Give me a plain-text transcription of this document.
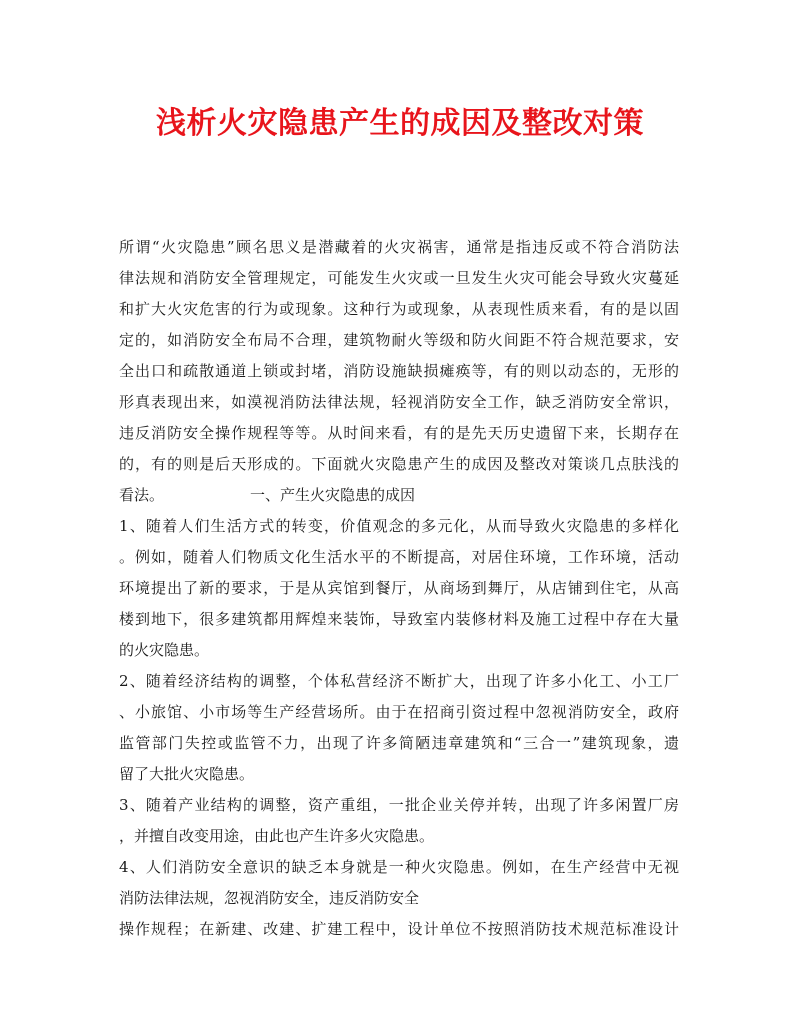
浅析火灾隐患产生的成因及整改对策
所谓“火灾隐患”顾名思义是潜藏着的火灾祸害，通常是指违反或不符合消防法
律法规和消防安全管理规定，可能发生火灾或一旦发生火灾可能会导致火灾蔓延
和扩大火灾危害的行为或现象。这种行为或现象，从表现性质来看，有的是以固
定的，如消防安全布局不合理，建筑物耐火等级和防火间距不符合规范要求，安
全出口和疏散通道上锁或封堵，消防设施缺损瘫痪等，有的则以动态的，无形的
形真表现出来，如漠视消防法律法规，轻视消防安全工作，缺乏消防安全常识，
违反消防安全操作规程等等。从时间来看，有的是先天历史遗留下来，长期存在
的，有的则是后天形成的。下面就火灾隐患产生的成因及整改对策谈几点肤浅的
看法。	一、产生火灾隐患的成因
1、随着人们生活方式的转变，价值观念的多元化，从而导致火灾隐患的多样化
。例如，随着人们物质文化生活水平的不断提高，对居住环境，工作环境，活动
环境提出了新的要求，于是从宾馆到餐厅，从商场到舞厅，从店铺到住宅，从高
楼到地下，很多建筑都用辉煌来装饰，导致室内装修材料及施工过程中存在大量
的火灾隐患。
2、随着经济结构的调整，个体私营经济不断扩大，出现了许多小化工、小工厂
、小旅馆、小市场等生产经营场所。由于在招商引资过程中忽视消防安全，政府
监管部门失控或监管不力，出现了许多简陋违章建筑和“三合一”建筑现象，遗
留了大批火灾隐患。
3、随着产业结构的调整，资产重组，一批企业关停并转，出现了许多闲置厂房
，并擅自改变用途，由此也产生许多火灾隐患。
4、人们消防安全意识的缺乏本身就是一种火灾隐患。例如，在生产经营中无视
消防法律法规，忽视消防安全，违反消防安全
操作规程；在新建、改建、扩建工程中，设计单位不按照消防技术规范标准设计
